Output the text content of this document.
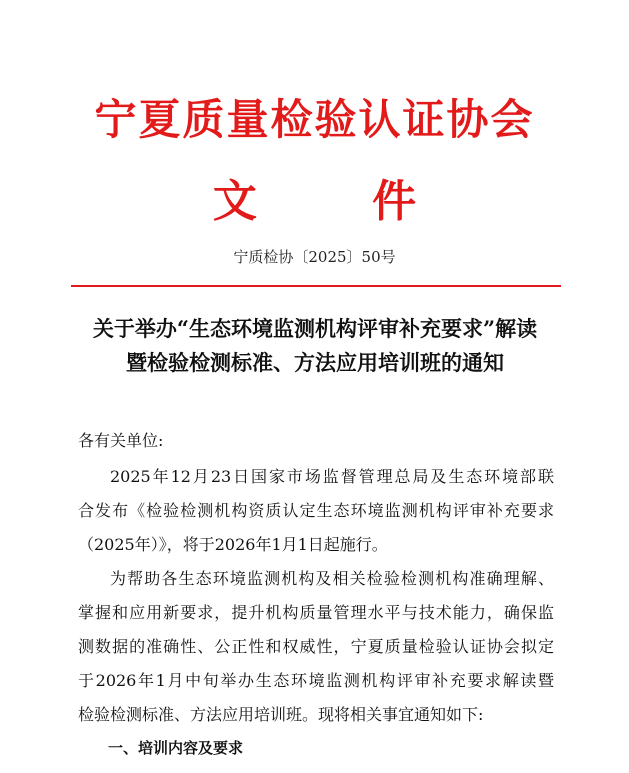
宁夏质量检验认证协会
文 件
宁质检协〔2025〕50号
关于举办“生态环境监测机构评审补充要求”解读
暨检验检测标准、方法应用培训班的通知
各有关单位:
2025年12月23日国家市场监督管理总局及生态环境部联
合发布《检验检测机构资质认定生态环境监测机构评审补充要求
（2025年）》，将于2026年1月1日起施行。
为帮助各生态环境监测机构及相关检验检测机构准确理解、
掌握和应用新要求，提升机构质量管理水平与技术能力，确保监
测数据的准确性、公正性和权威性，宁夏质量检验认证协会拟定
于2026年1月中旬举办生态环境监测机构评审补充要求解读暨
检验检测标准、方法应用培训班。现将相关事宜通知如下:
一、培训内容及要求
